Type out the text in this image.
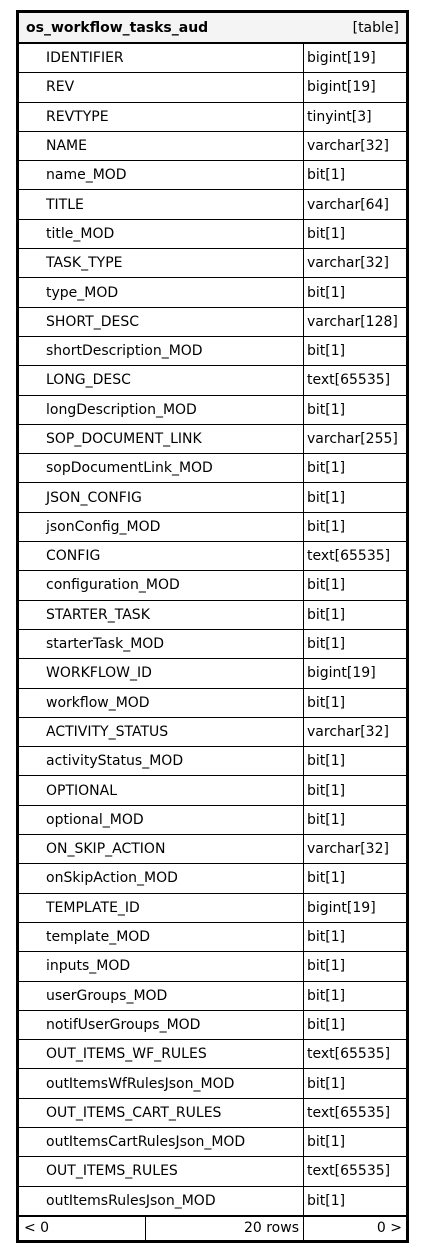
os_workflow_tasks_aud	[table]
IDENTIFIER	bigint[19]
REV	bigint[19]
REVTYPE	tinyint[3]
NAME	varchar[32]
name_MOD	bit[1]
TITLE	varchar[64]
title_MOD	bit[1]
TASK_TYPE	varchar[32]
type_MOD	bit[1]
SHORT_DESC	varchar[128]
shortDescription_MOD	bit[1]
LONG_DESC	text[65535]
longDescription_MOD	bit[1]
SOP_DOCUMENT_LINK	varchar[255]
sopDocumentLink_MOD	bit[1]
JSON_CONFIG	bit[1]
jsonConfig_MOD	bit[1]
CONFIG	text[65535]
configuration_MOD	bit[1]
STARTER_TASK	bit[1]
starterTask_MOD	bit[1]
WORKFLOW_ID	bigint[19]
workflow_MOD	bit[1]
ACTIVITY_STATUS	varchar[32]
activityStatus_MOD	bit[1]
OPTIONAL	bit[1]
optional_MOD	bit[1]
ON_SKIP_ACTION	varchar[32]
onSkipAction_MOD	bit[1]
TEMPLATE_ID	bigint[19]
template_MOD	bit[1]
inputs_MOD	bit[1]
userGroups_MOD	bit[1]
notifUserGroups_MOD	bit[1]
OUT_ITEMS_WF_RULES	text[65535]
outItemsWfRulesJson_MOD	bit[1]
OUT_ITEMS_CART_RULES	text[65535]
outItemsCartRulesJson_MOD	bit[1]
OUT_ITEMS_RULES	text[65535]
outItemsRulesJson_MOD	bit[1]
< 0	20 rows	0 >
